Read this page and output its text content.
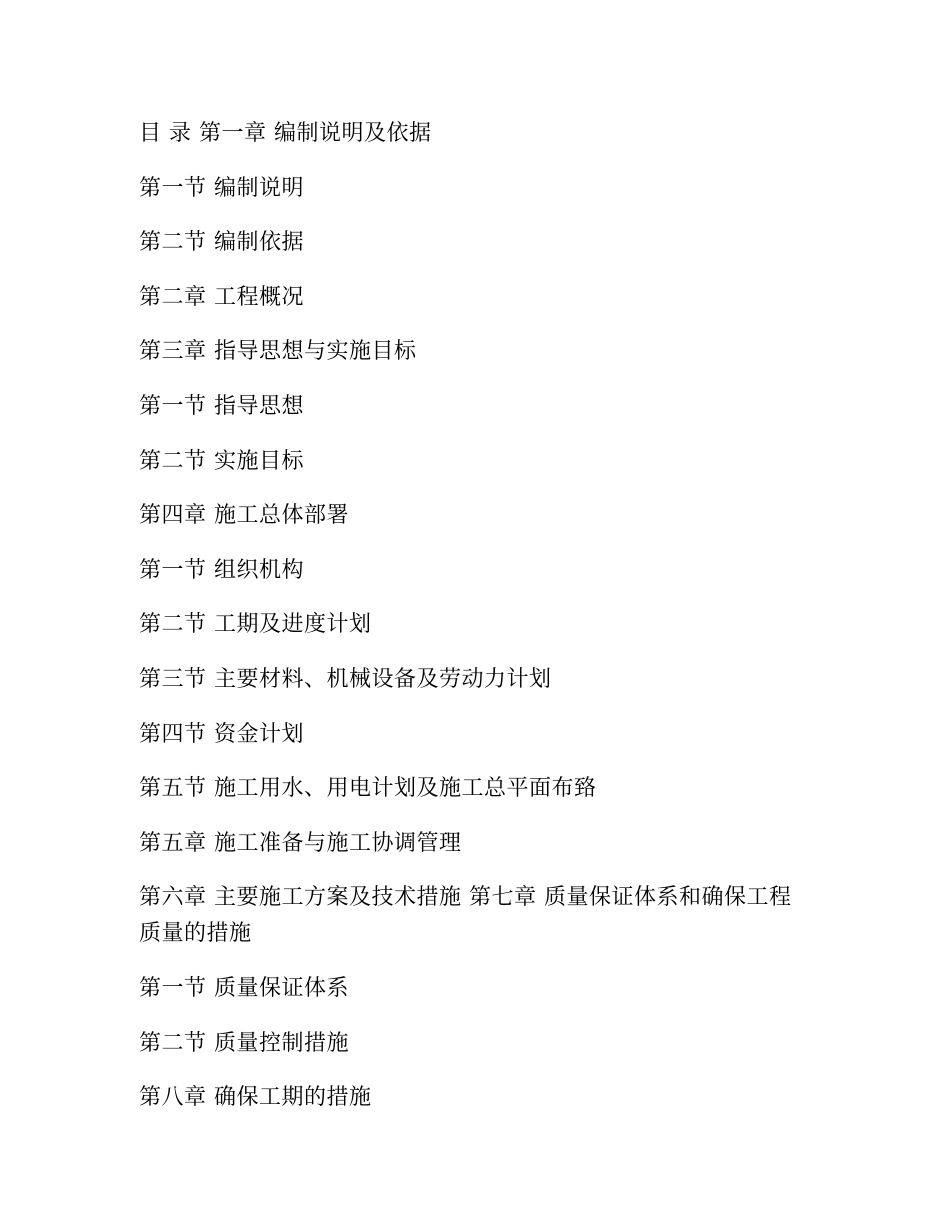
目 录 第一章 编制说明及依据
第一节 编制说明
第二节 编制依据
第二章 工程概况
第三章 指导思想与实施目标
第一节 指导思想
第二节 实施目标
第四章 施工总体部署
第一节 组织机构
第二节 工期及进度计划
第三节 主要材料、机械设备及劳动力计划
第四节 资金计划
第五节 施工用水、用电计划及施工总平面布臵
第五章 施工准备与施工协调管理
第六章 主要施工方案及技术措施 第七章 质量保证体系和确保工程质量的措施
第一节 质量保证体系
第二节 质量控制措施
第八章 确保工期的措施
